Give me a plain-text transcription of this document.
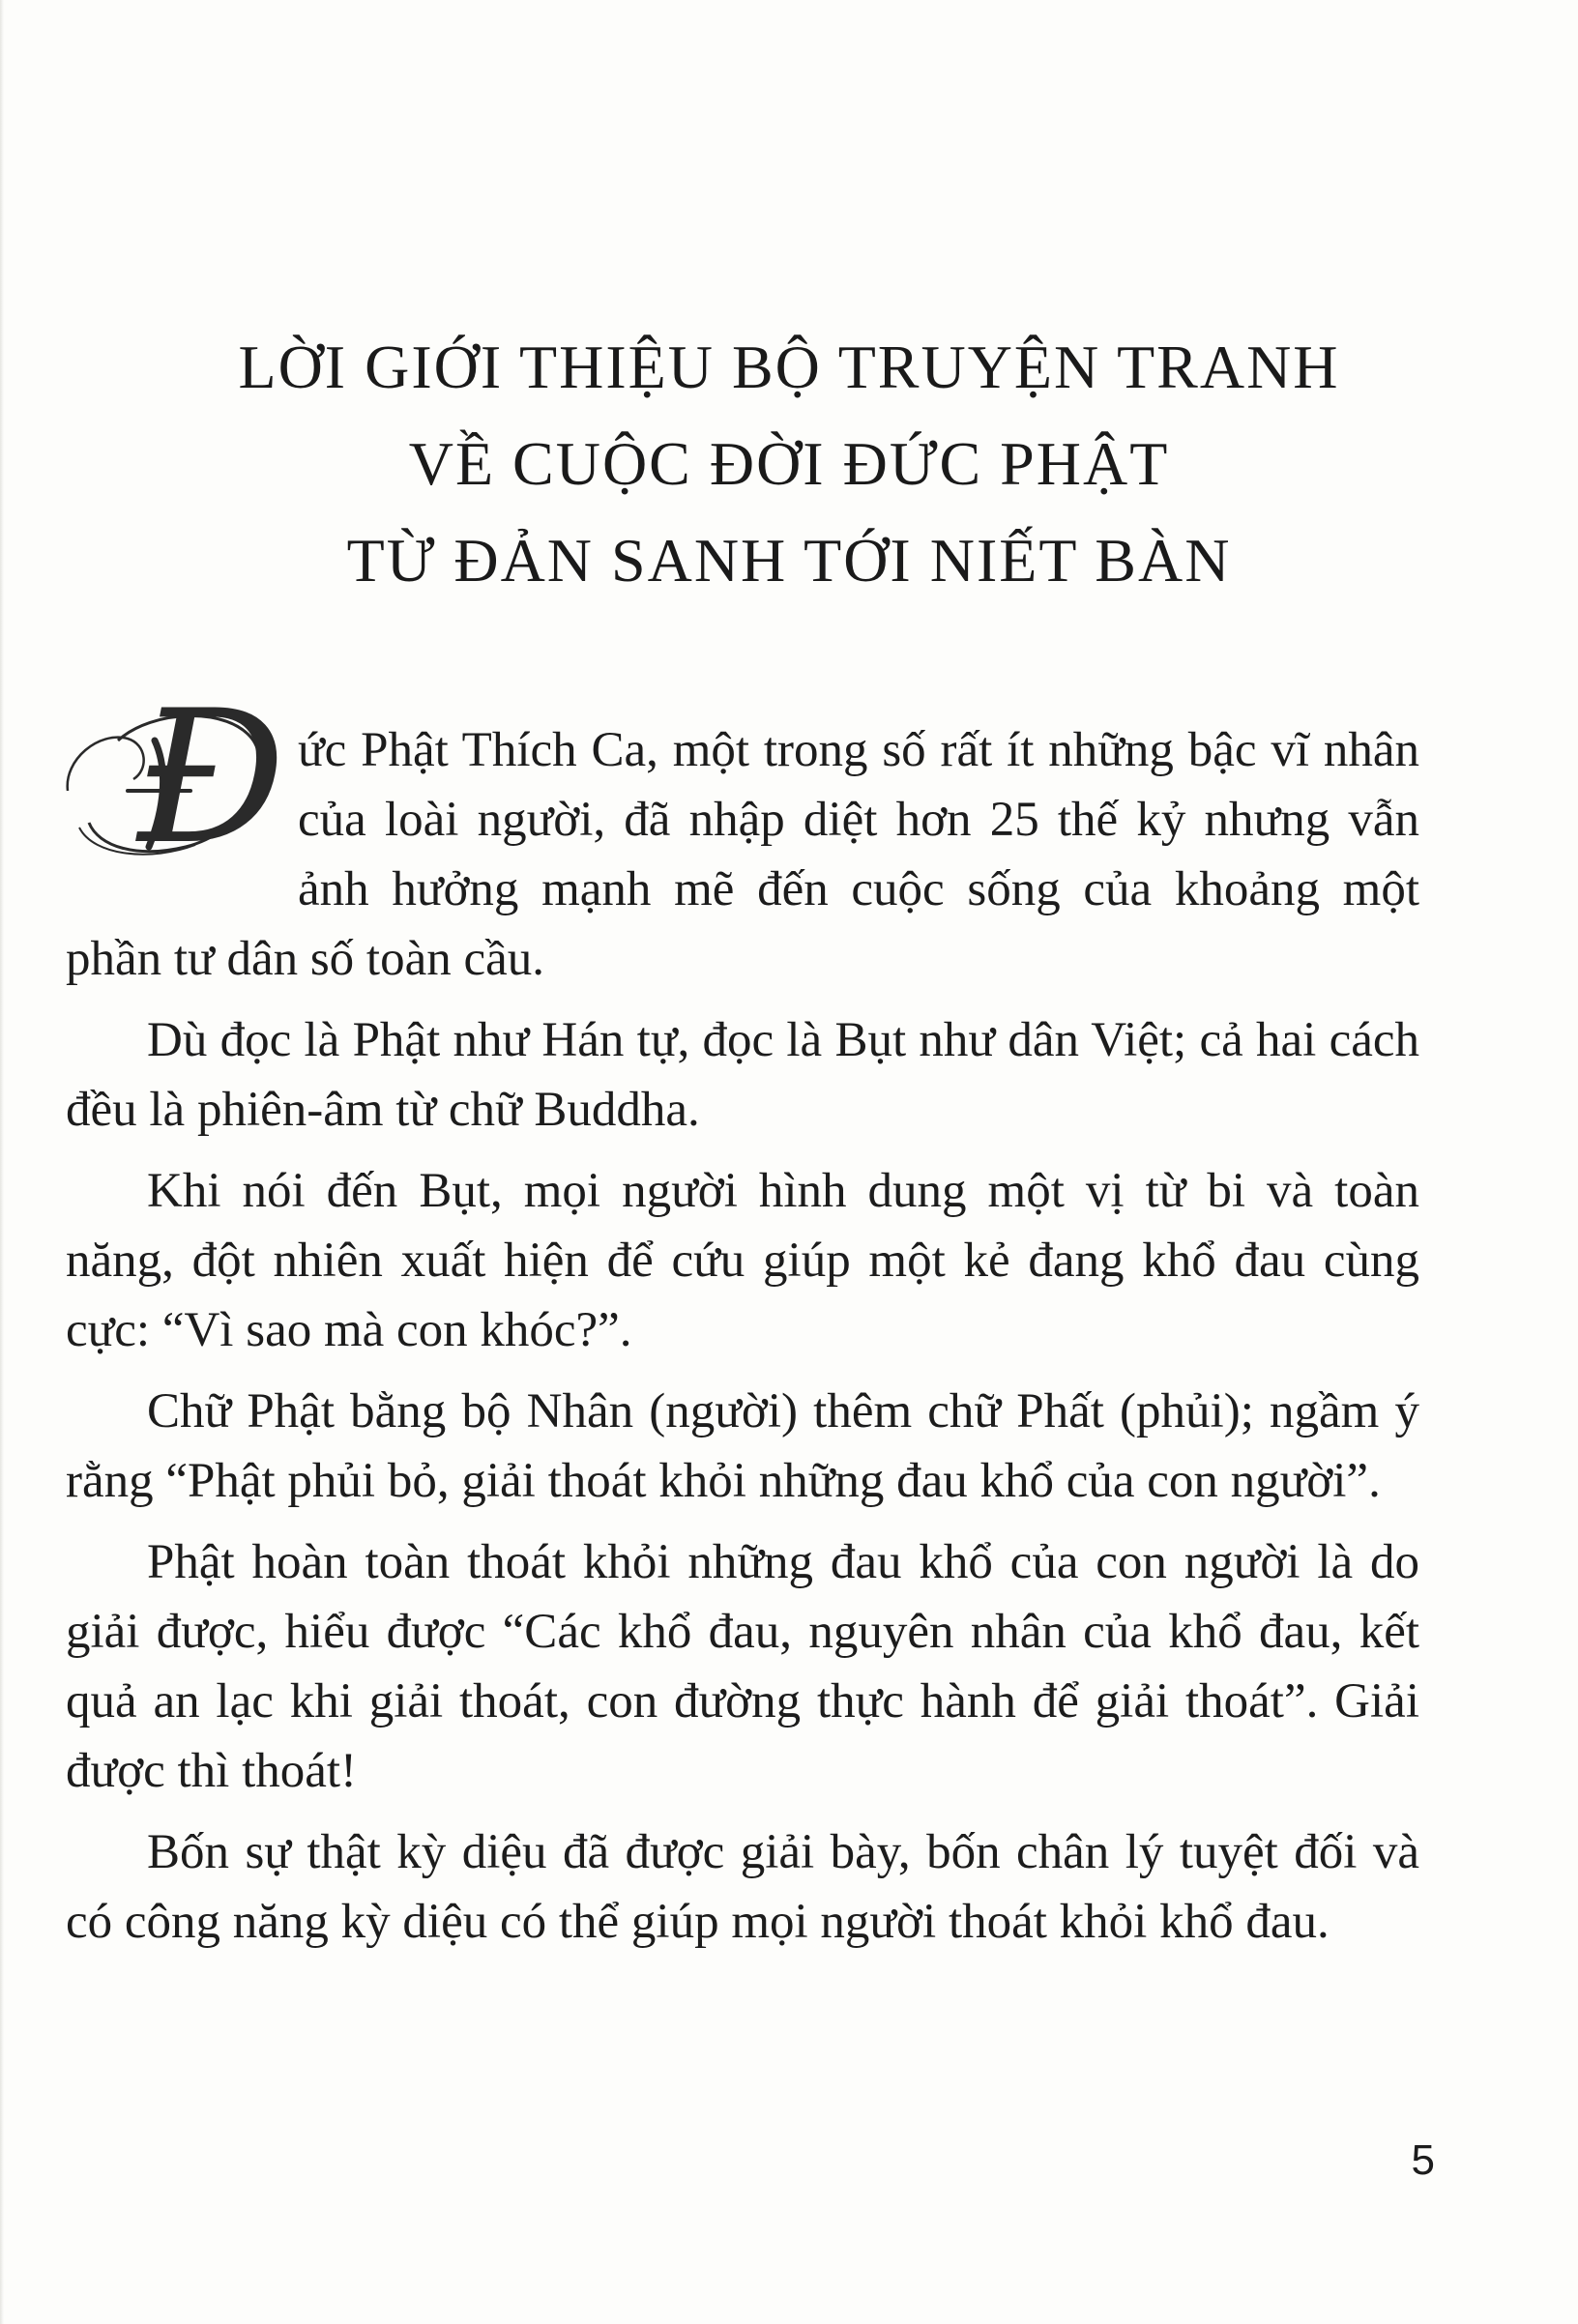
LỜI GIỚI THIỆU BỘ TRUYỆN TRANH
VỀ CUỘC ĐỜI ĐỨC PHẬT
TỪ ĐẢN SANH TỚI NIẾT BÀN

Đ ức Phật Thích Ca, một trong số rất ít những bậc vĩ nhân của loài người, đã nhập diệt hơn 25 thế kỷ nhưng vẫn ảnh hưởng mạnh mẽ đến cuộc sống của khoảng một phần tư dân số toàn cầu.

Dù đọc là Phật như Hán tự, đọc là Bụt như dân Việt; cả hai cách đều là phiên-âm từ chữ Buddha.

Khi nói đến Bụt, mọi người hình dung một vị từ bi và toàn năng, đột nhiên xuất hiện để cứu giúp một kẻ đang khổ đau cùng cực: “Vì sao mà con khóc?”.

Chữ Phật bằng bộ Nhân (người) thêm chữ Phất (phủi); ngầm ý rằng “Phật phủi bỏ, giải thoát khỏi những đau khổ của con người”.

Phật hoàn toàn thoát khỏi những đau khổ của con người là do giải được, hiểu được “Các khổ đau, nguyên nhân của khổ đau, kết quả an lạc khi giải thoát, con đường thực hành để giải thoát”. Giải được thì thoát!

Bốn sự thật kỳ diệu đã được giải bày, bốn chân lý tuyệt đối và có công năng kỳ diệu có thể giúp mọi người thoát khỏi khổ đau.

5
